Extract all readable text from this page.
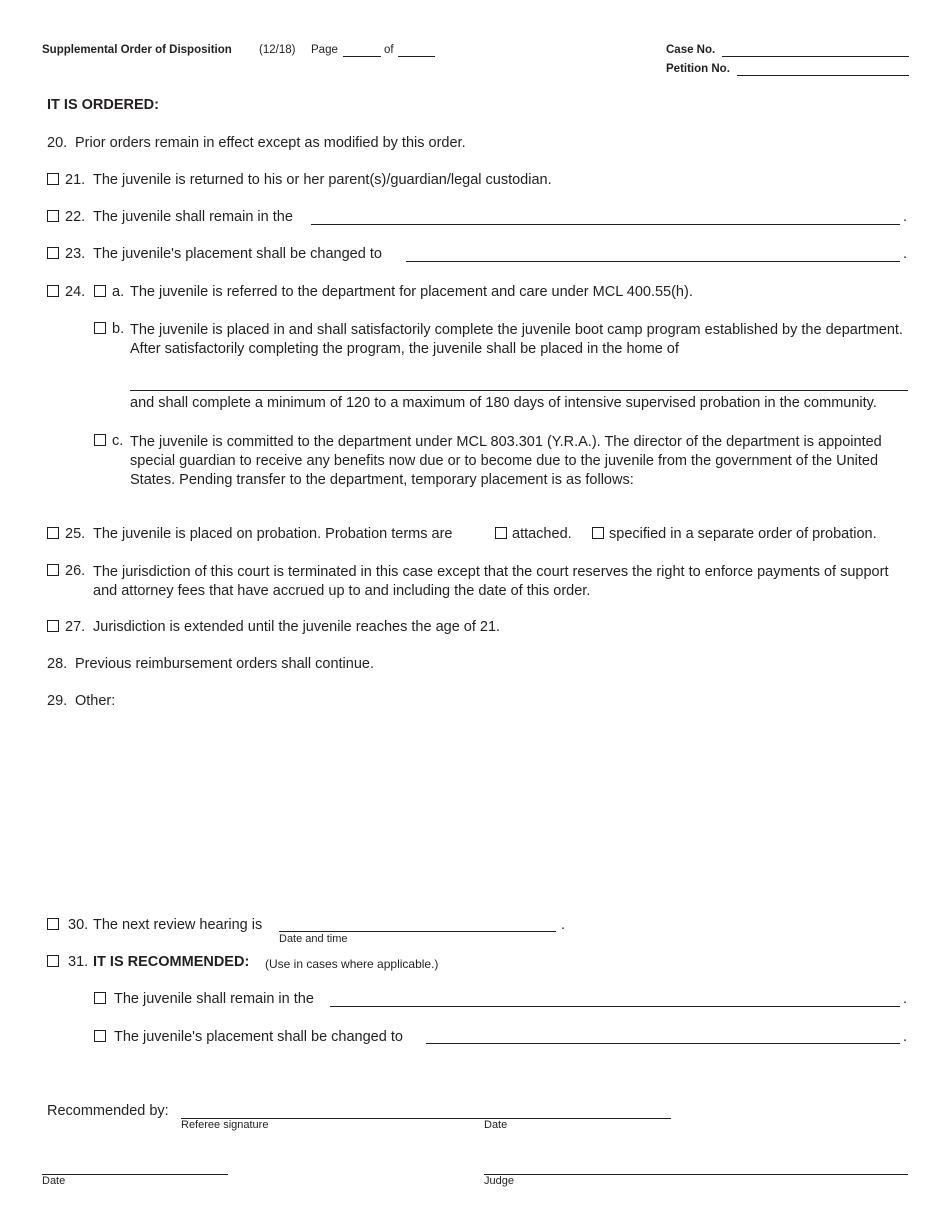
Supplemental Order of Disposition (12/18) Page	of	Case No.
Petition No.
IT IS ORDERED:
20. Prior orders remain in effect except as modified by this order.
21. The juvenile is returned to his or her parent(s)/guardian/legal custodian.
22. The juvenile shall remain in the	.
23. The juvenile's placement shall be changed to	.
24. a. The juvenile is referred to the department for placement and care under MCL 400.55(h).
b. The juvenile is placed in and shall satisfactorily complete the juvenile boot camp program established by the department. After satisfactorily completing the program, the juvenile shall be placed in the home of
and shall complete a minimum of 120 to a maximum of 180 days of intensive supervised probation in the community.
c. The juvenile is committed to the department under MCL 803.301 (Y.R.A.). The director of the department is appointed special guardian to receive any benefits now due or to become due to the juvenile from the government of the United States. Pending transfer to the department, temporary placement is as follows:
25. The juvenile is placed on probation. Probation terms are	attached.	specified in a separate order of probation.
26. The jurisdiction of this court is terminated in this case except that the court reserves the right to enforce payments of support and attorney fees that have accrued up to and including the date of this order.
27. Jurisdiction is extended until the juvenile reaches the age of 21.
28. Previous reimbursement orders shall continue.
29. Other:
30. The next review hearing is	.
Date and time
31. IT IS RECOMMENDED: (Use in cases where applicable.)
The juvenile shall remain in the	.
The juvenile's placement shall be changed to	.
Recommended by:
Referee signature	Date
Date	Judge
